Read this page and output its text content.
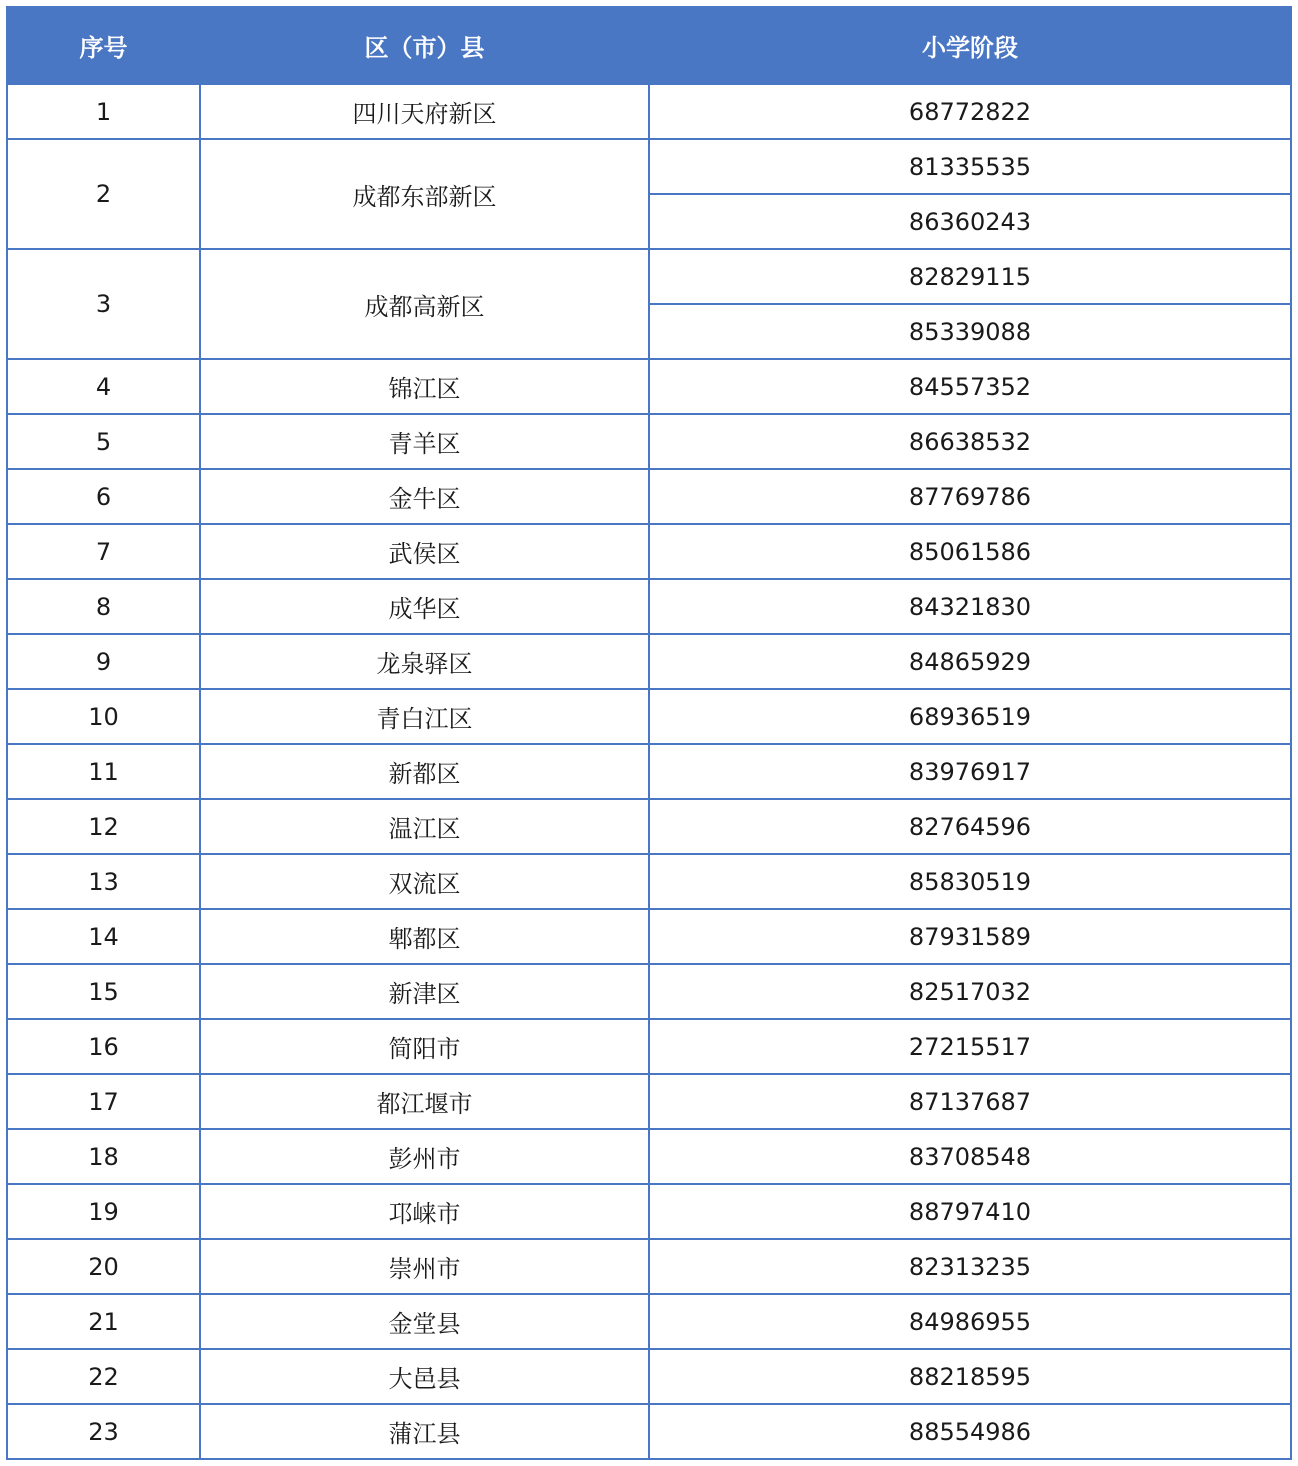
序号	区（市）县	小学阶段
1	四川天府新区	68772822
2	成都东部新区	81335535
		86360243
3	成都高新区	82829115
		85339088
4	锦江区	84557352
5	青羊区	86638532
6	金牛区	87769786
7	武侯区	85061586
8	成华区	84321830
9	龙泉驿区	84865929
10	青白江区	68936519
11	新都区	83976917
12	温江区	82764596
13	双流区	85830519
14	郫都区	87931589
15	新津区	82517032
16	简阳市	27215517
17	都江堰市	87137687
18	彭州市	83708548
19	邛崃市	88797410
20	崇州市	82313235
21	金堂县	84986955
22	大邑县	88218595
23	蒲江县	88554986
